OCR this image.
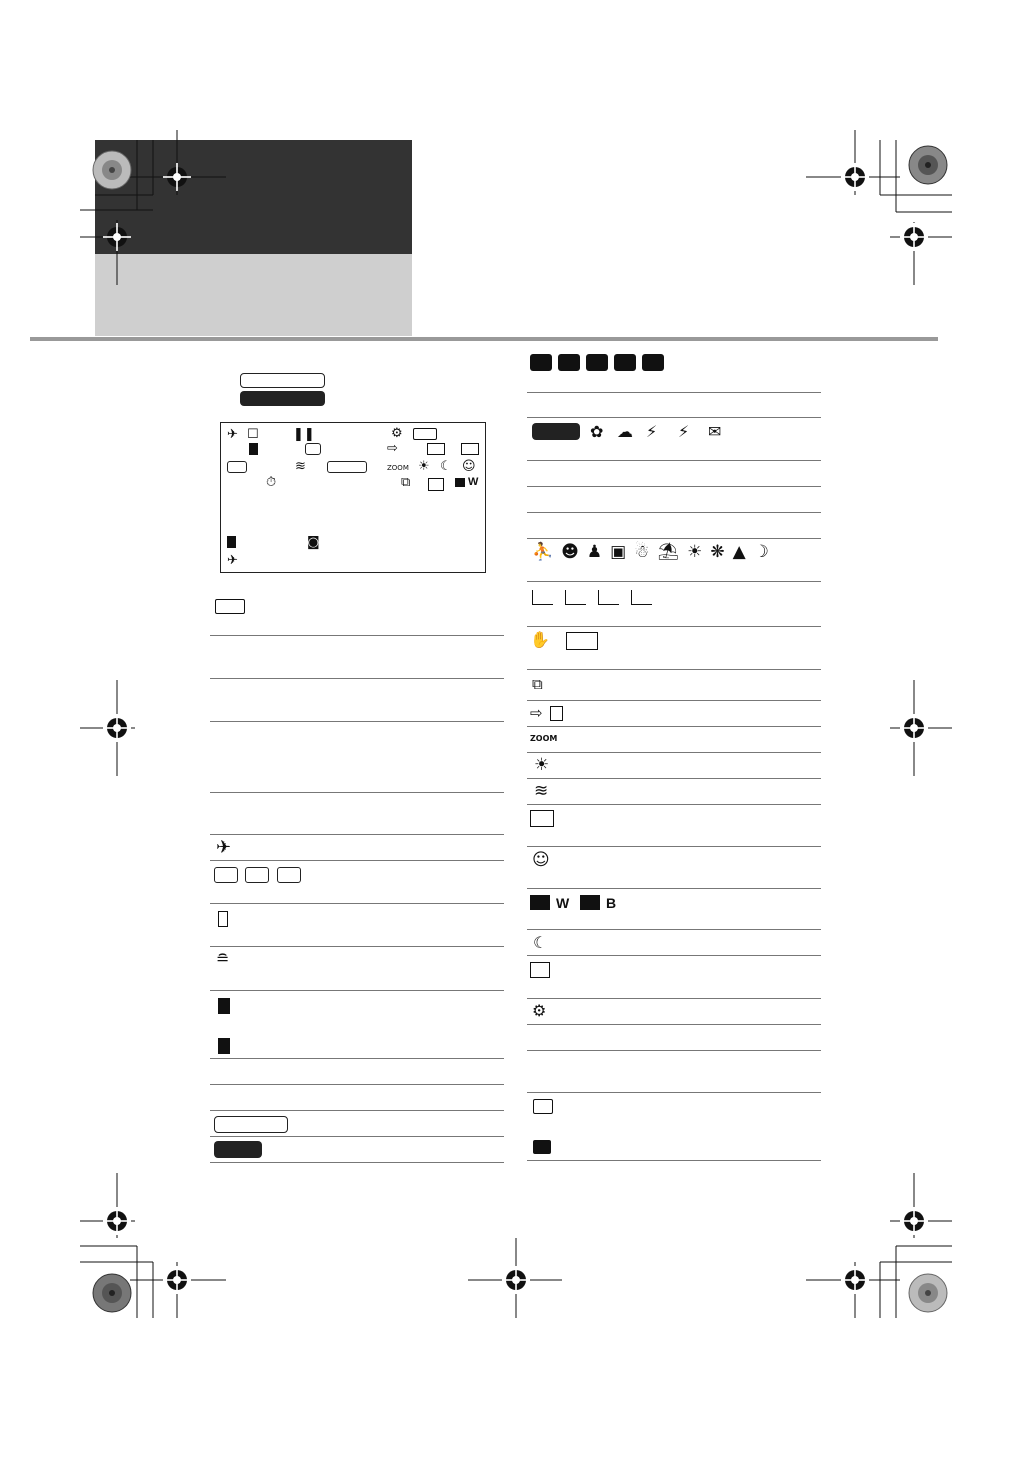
✈︎ ☐	❚❚	⚙
⇨
≋	ZOOM ☀ ☾ ☺
⏱	⧉	W
◙
✈
✈
≘
✿ ☁ ⚡ ⚡ ✉
⛹ ☻ ♟ ▣ ☃ ⛱ ☀ ❋ ▲ ☽
✋
⧉
⇨
ZOOM
☀
≋
☺
W	B
☾
⚙
